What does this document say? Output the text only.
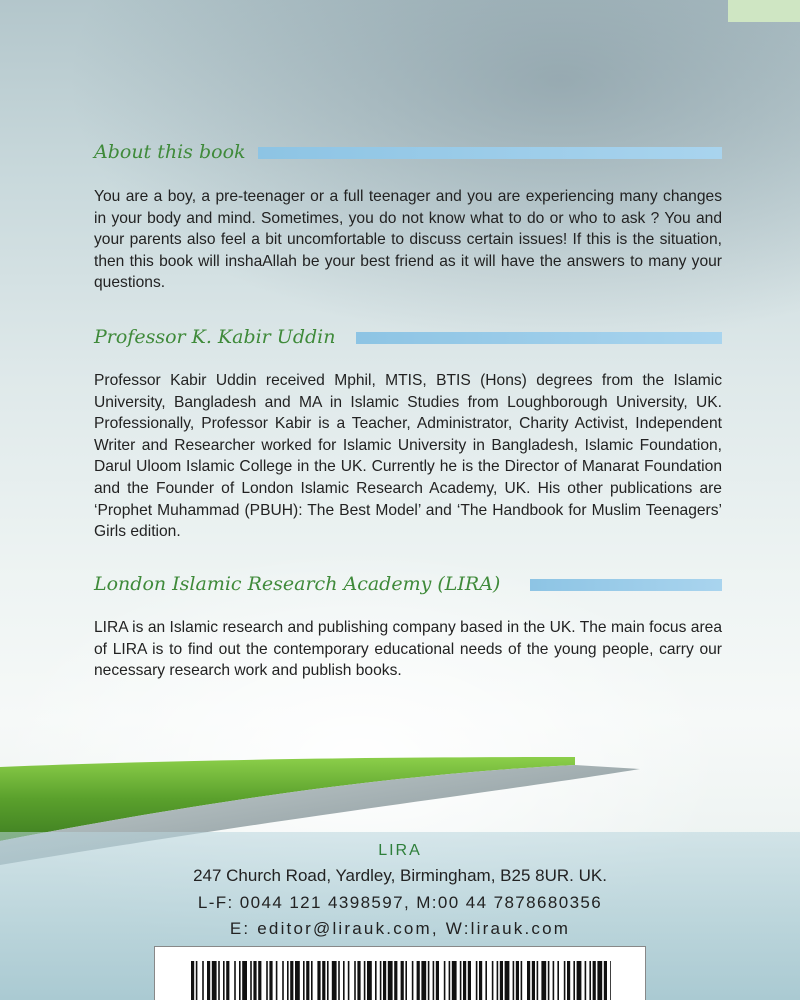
About this book

You are a boy, a pre-teenager or a full teenager and you are experiencing many changes in your body and mind. Sometimes, you do not know what to do or who to ask ? You and your parents also feel a bit uncomfortable to discuss certain issues! If this is the situation, then this book will inshaAllah be your best friend as it will have the answers to many your questions.

Professor K. Kabir Uddin

Professor Kabir Uddin received Mphil, MTIS, BTIS (Hons) degrees from the Islamic University, Bangladesh and MA in Islamic Studies from Loughborough University, UK. Professionally, Professor Kabir is a Teacher, Administrator, Charity Activist, Independent Writer and Researcher worked for Islamic University in Bangladesh, Islamic Foundation, Darul Uloom Islamic College in the UK. Currently he is the Director of Manarat Foundation and the Founder of London Islamic Research Academy, UK. His other publications are ‘Prophet Muhammad (PBUH): The Best Model’ and ‘The Handbook for Muslim Teenagers’ Girls edition.

London Islamic Research Academy (LIRA)

LIRA is an Islamic research and publishing company based in the UK. The main focus area of LIRA is to find out the contemporary educational needs of the young people, carry our necessary research work and publish books.

LIRA
247 Church Road, Yardley, Birmingham, B25 8UR. UK.
L-F: 0044 121 4398597, M:00 44 7878680356
E: editor@lirauk.com, W:lirauk.com
